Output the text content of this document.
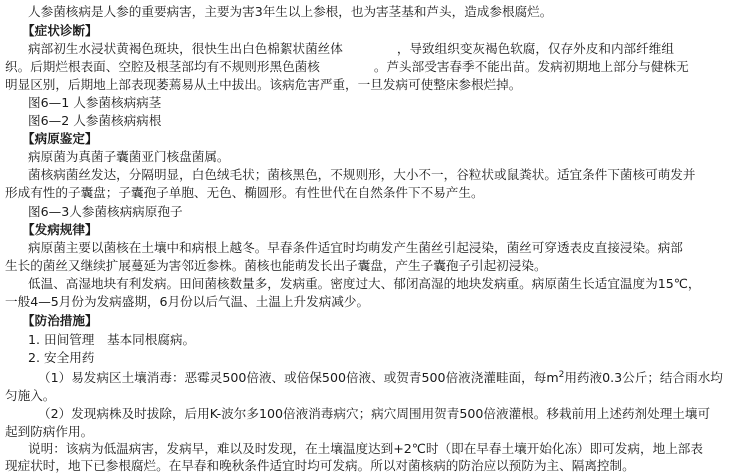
人参菌核病是人参的重要病害，主要为害3年生以上参根，也为害茎基和芦头，造成参根腐烂。
【症状诊断】
病部初生水浸状黄褐色斑块，很快生出白色棉絮状菌丝体	，导致组织变灰褐色软腐，仅存外皮和内部纤维组
织。后期烂根表面、空腔及根茎部均有不规则形黑色菌核	。芦头部受害春季不能出苗。发病初期地上部分与健株无
明显区别，后期地上部表现萎蔫易从土中拔出。该病危害严重，一旦发病可使整床参根烂掉。
图6—1 人参菌核病病茎
图6—2 人参菌核病病根
【病原鉴定】
病原菌为真菌子囊菌亚门核盘菌属。
菌核病菌丝发达，分隔明显，白色绒毛状；菌核黑色，不规则形，大小不一，谷粒状或鼠粪状。适宜条件下菌核可萌发并
形成有性的子囊盘；子囊孢子单胞、无色、椭圆形。有性世代在自然条件下不易产生。
图6—3人参菌核病病原孢子
【发病规律】
病原菌主要以菌核在土壤中和病根上越冬。早春条件适宜时均萌发产生菌丝引起浸染，菌丝可穿透表皮直接浸染。病部
生长的菌丝又继续扩展蔓延为害邻近参株。菌核也能萌发长出子囊盘，产生子囊孢子引起初浸染。
低温、高湿地块有利发病。田间菌核数量多，发病重。密度过大、郁闭高湿的地块发病重。病原菌生长适宜温度为15℃，
一般4—5月份为发病盛期，6月份以后气温、土温上升发病减少。
【防治措施】
1. 田间管理　基本同根腐病。
2. 安全用药
（1）易发病区土壤消毒：恶霉灵500倍液、或倍保500倍液、或贺青500倍液浇灌畦面，每$m^2$用药液0.3公斤；结合雨水均
匀施入。
（2）发现病株及时拔除，后用K-波尔多100倍液消毒病穴；病穴周围用贺青500倍液灌根。移栽前用上述药剂处理土壤可
起到防病作用。
说明：该病为低温病害，发病早，难以及时发现，在土壤温度达到+2℃时（即在早春土壤开始化冻）即可发病，地上部表
现症状时，地下已参根腐烂。在早春和晚秋条件适宜时均可发病。所以对菌核病的防治应以预防为主、隔离控制。
